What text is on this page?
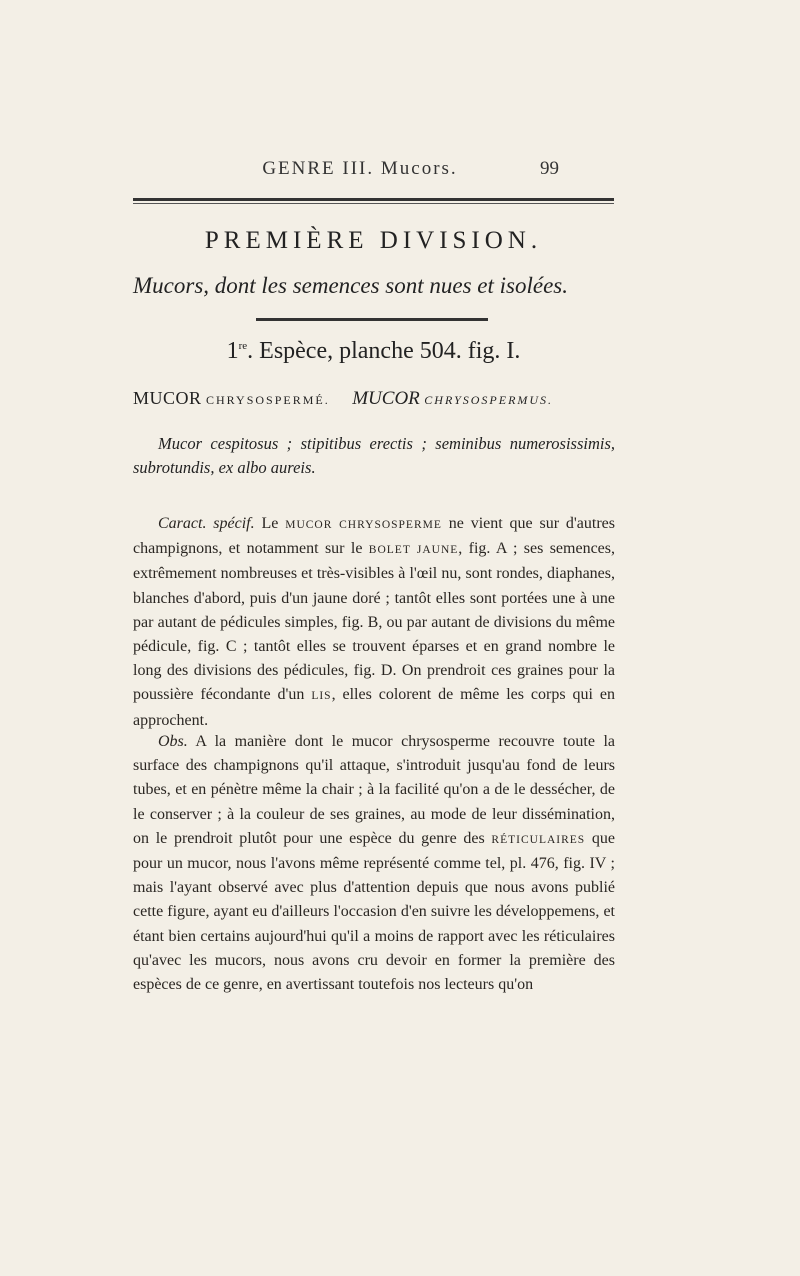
GENRE III. Mucors.	99
PREMIÈRE DIVISION.
Mucors, dont les semences sont nues et isolées.
1re. Espèce, planche 504. fig. I.
MUCOR CHRYSOSPERMÉ. MUCOR CHRYSOSPERMUS.
Mucor cespitosus ; stipitibus erectis ; seminibus numerosissimis, subrotundis, ex albo aureis.
Caract. spécif. Le MUCOR CHRYSOSPERME ne vient que sur d'autres champignons, et notamment sur le BOLET JAUNE, fig. A ; ses semences, extrêmement nombreuses et très-visibles à l'œil nu, sont rondes, diaphanes, blanches d'abord, puis d'un jaune doré ; tantôt elles sont portées une à une par autant de pédicules simples, fig. B, ou par autant de divisions du même pédicule, fig. C ; tantôt elles se trouvent éparses et en grand nombre le long des divisions des pédicules, fig. D. On prendroit ces graines pour la poussière fécondante d'un LIS, elles colorent de même les corps qui en approchent.
Obs. A la manière dont le mucor chrysosperme recouvre toute la surface des champignons qu'il attaque, s'introduit jusqu'au fond de leurs tubes, et en pénètre même la chair ; à la facilité qu'on a de le dessécher, de le conserver ; à la couleur de ses graines, au mode de leur dissémination, on le prendroit plutôt pour une espèce du genre des RÉTICULAIRES que pour un mucor, nous l'avons même représenté comme tel, pl. 476, fig. IV ; mais l'ayant observé avec plus d'attention depuis que nous avons publié cette figure, ayant eu d'ailleurs l'occasion d'en suivre les développemens, et étant bien certains aujourd'hui qu'il a moins de rapport avec les réticulaires qu'avec les mucors, nous avons cru devoir en former la première des espèces de ce genre, en avertissant toutefois nos lecteurs qu'on
